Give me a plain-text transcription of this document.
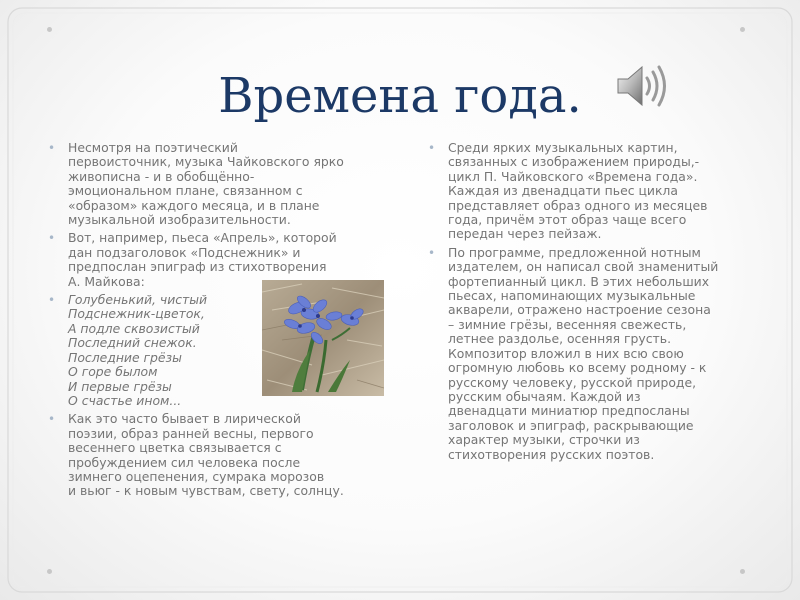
Времена года.
• Несмотря на поэтический
первоисточник, музыка Чайковского ярко
живописна - и в обобщённо-
эмоциональном плане, связанном с
«образом» каждого месяца, и в плане
музыкальной изобразительности.
• Вот, например, пьеса «Апрель», которой
дан подзаголовок «Подснежник» и
предпослан эпиграф из стихотворения
А. Майкова:
• Голубенький, чистый
Подснежник-цветок,
А подле сквозистый
Последний снежок.
Последние грёзы
О горе былом
И первые грёзы
О счастье ином...
• Как это часто бывает в лирической
поэзии, образ ранней весны, первого
весеннего цветка связывается с
пробуждением сил человека после
зимнего оцепенения, сумрака морозов
и вьюг - к новым чувствам, свету, солнцу.
• Среди ярких музыкальных картин,
связанных с изображением природы,-
цикл П. Чайковского «Времена года».
Каждая из двенадцати пьес цикла
представляет образ одного из месяцев
года, причём этот образ чаще всего
передан через пейзаж.
• По программе, предложенной нотным
издателем, он написал свой знаменитый
фортепианный цикл. В этих небольших
пьесах, напоминающих музыкальные
акварели, отражено настроение сезона
– зимние грёзы, весенняя свежесть,
летнее раздолье, осенняя грусть.
Композитор вложил в них всю свою
огромную любовь ко всему родному - к
русскому человеку, русской природе,
русским обычаям. Каждой из
двенадцати миниатюр предпосланы
заголовок и эпиграф, раскрывающие
характер музыки, строчки из
стихотворения русских поэтов.
